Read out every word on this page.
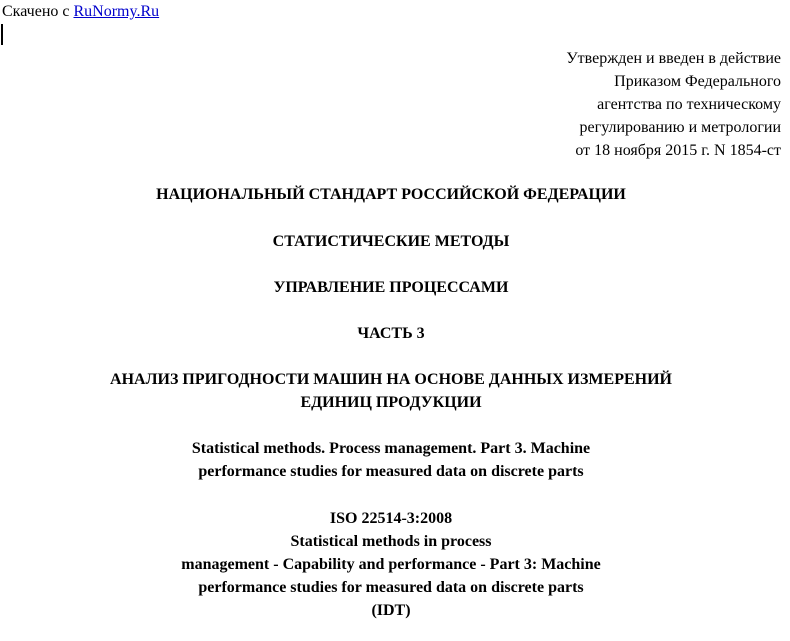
Скачено с RuNormy.Ru
Утвержден и введен в действие
Приказом Федерального
агентства по техническому
регулированию и метрологии
от 18 ноября 2015 г. N 1854-ст
НАЦИОНАЛЬНЫЙ СТАНДАРТ РОССИЙСКОЙ ФЕДЕРАЦИИ
СТАТИСТИЧЕСКИЕ МЕТОДЫ
УПРАВЛЕНИЕ ПРОЦЕССАМИ
ЧАСТЬ 3
АНАЛИЗ ПРИГОДНОСТИ МАШИН НА ОСНОВЕ ДАННЫХ ИЗМЕРЕНИЙ
ЕДИНИЦ ПРОДУКЦИИ
Statistical methods. Process management. Part 3. Machine
performance studies for measured data on discrete parts
ISO 22514-3:2008
Statistical methods in process
management - Capability and performance - Part 3: Machine
performance studies for measured data on discrete parts
(IDT)
